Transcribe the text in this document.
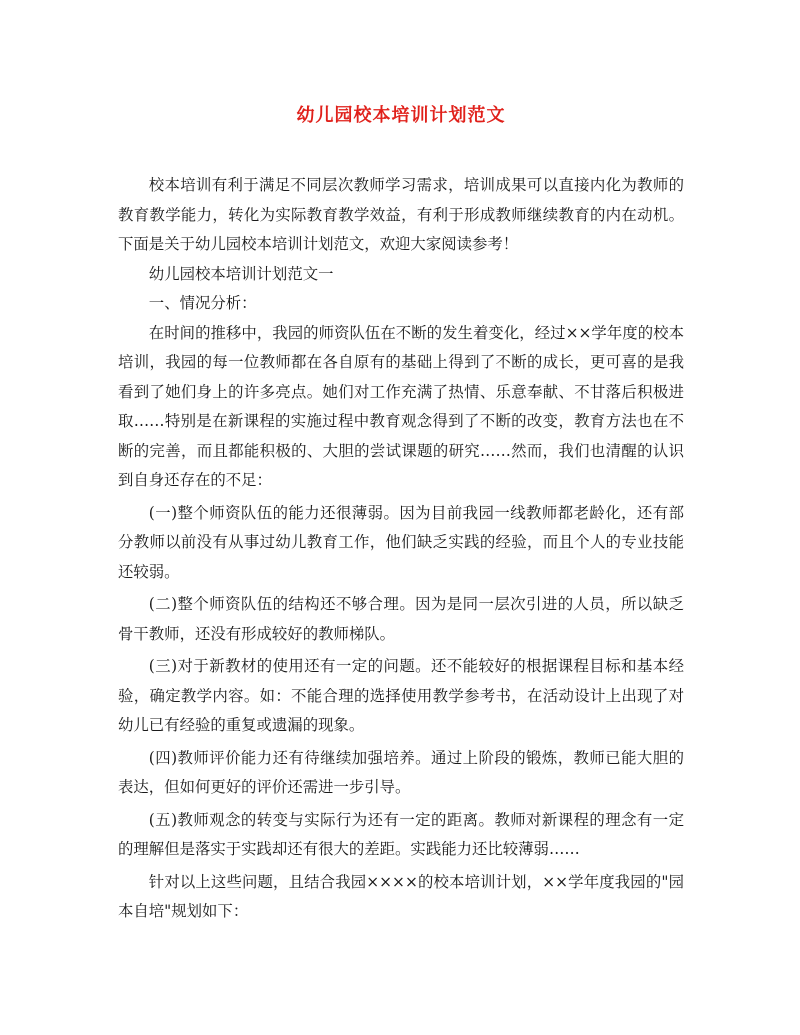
幼儿园校本培训计划范文

校本培训有利于满足不同层次教师学习需求，培训成果可以直接内化为教师的教育教学能力，转化为实际教育教学效益，有利于形成教师继续教育的内在动机。下面是关于幼儿园校本培训计划范文，欢迎大家阅读参考！

幼儿园校本培训计划范文一

一、情况分析：

在时间的推移中，我园的师资队伍在不断的发生着变化，经过××学年度的校本培训，我园的每一位教师都在各自原有的基础上得到了不断的成长，更可喜的是我看到了她们身上的许多亮点。她们对工作充满了热情、乐意奉献、不甘落后积极进取……特别是在新课程的实施过程中教育观念得到了不断的改变，教育方法也在不断的完善，而且都能积极的、大胆的尝试课题的研究……然而，我们也清醒的认识到自身还存在的不足：

(一)整个师资队伍的能力还很薄弱。因为目前我园一线教师都老龄化，还有部分教师以前没有从事过幼儿教育工作，他们缺乏实践的经验，而且个人的专业技能还较弱。

(二)整个师资队伍的结构还不够合理。因为是同一层次引进的人员，所以缺乏骨干教师，还没有形成较好的教师梯队。

(三)对于新教材的使用还有一定的问题。还不能较好的根据课程目标和基本经验，确定教学内容。如：不能合理的选择使用教学参考书，在活动设计上出现了对幼儿已有经验的重复或遗漏的现象。

(四)教师评价能力还有待继续加强培养。通过上阶段的锻炼，教师已能大胆的表达，但如何更好的评价还需进一步引导。

(五)教师观念的转变与实际行为还有一定的距离。教师对新课程的理念有一定的理解但是落实于实践却还有很大的差距。实践能力还比较薄弱……

针对以上这些问题，且结合我园××××的校本培训计划，××学年度我园的"园本自培"规划如下：
